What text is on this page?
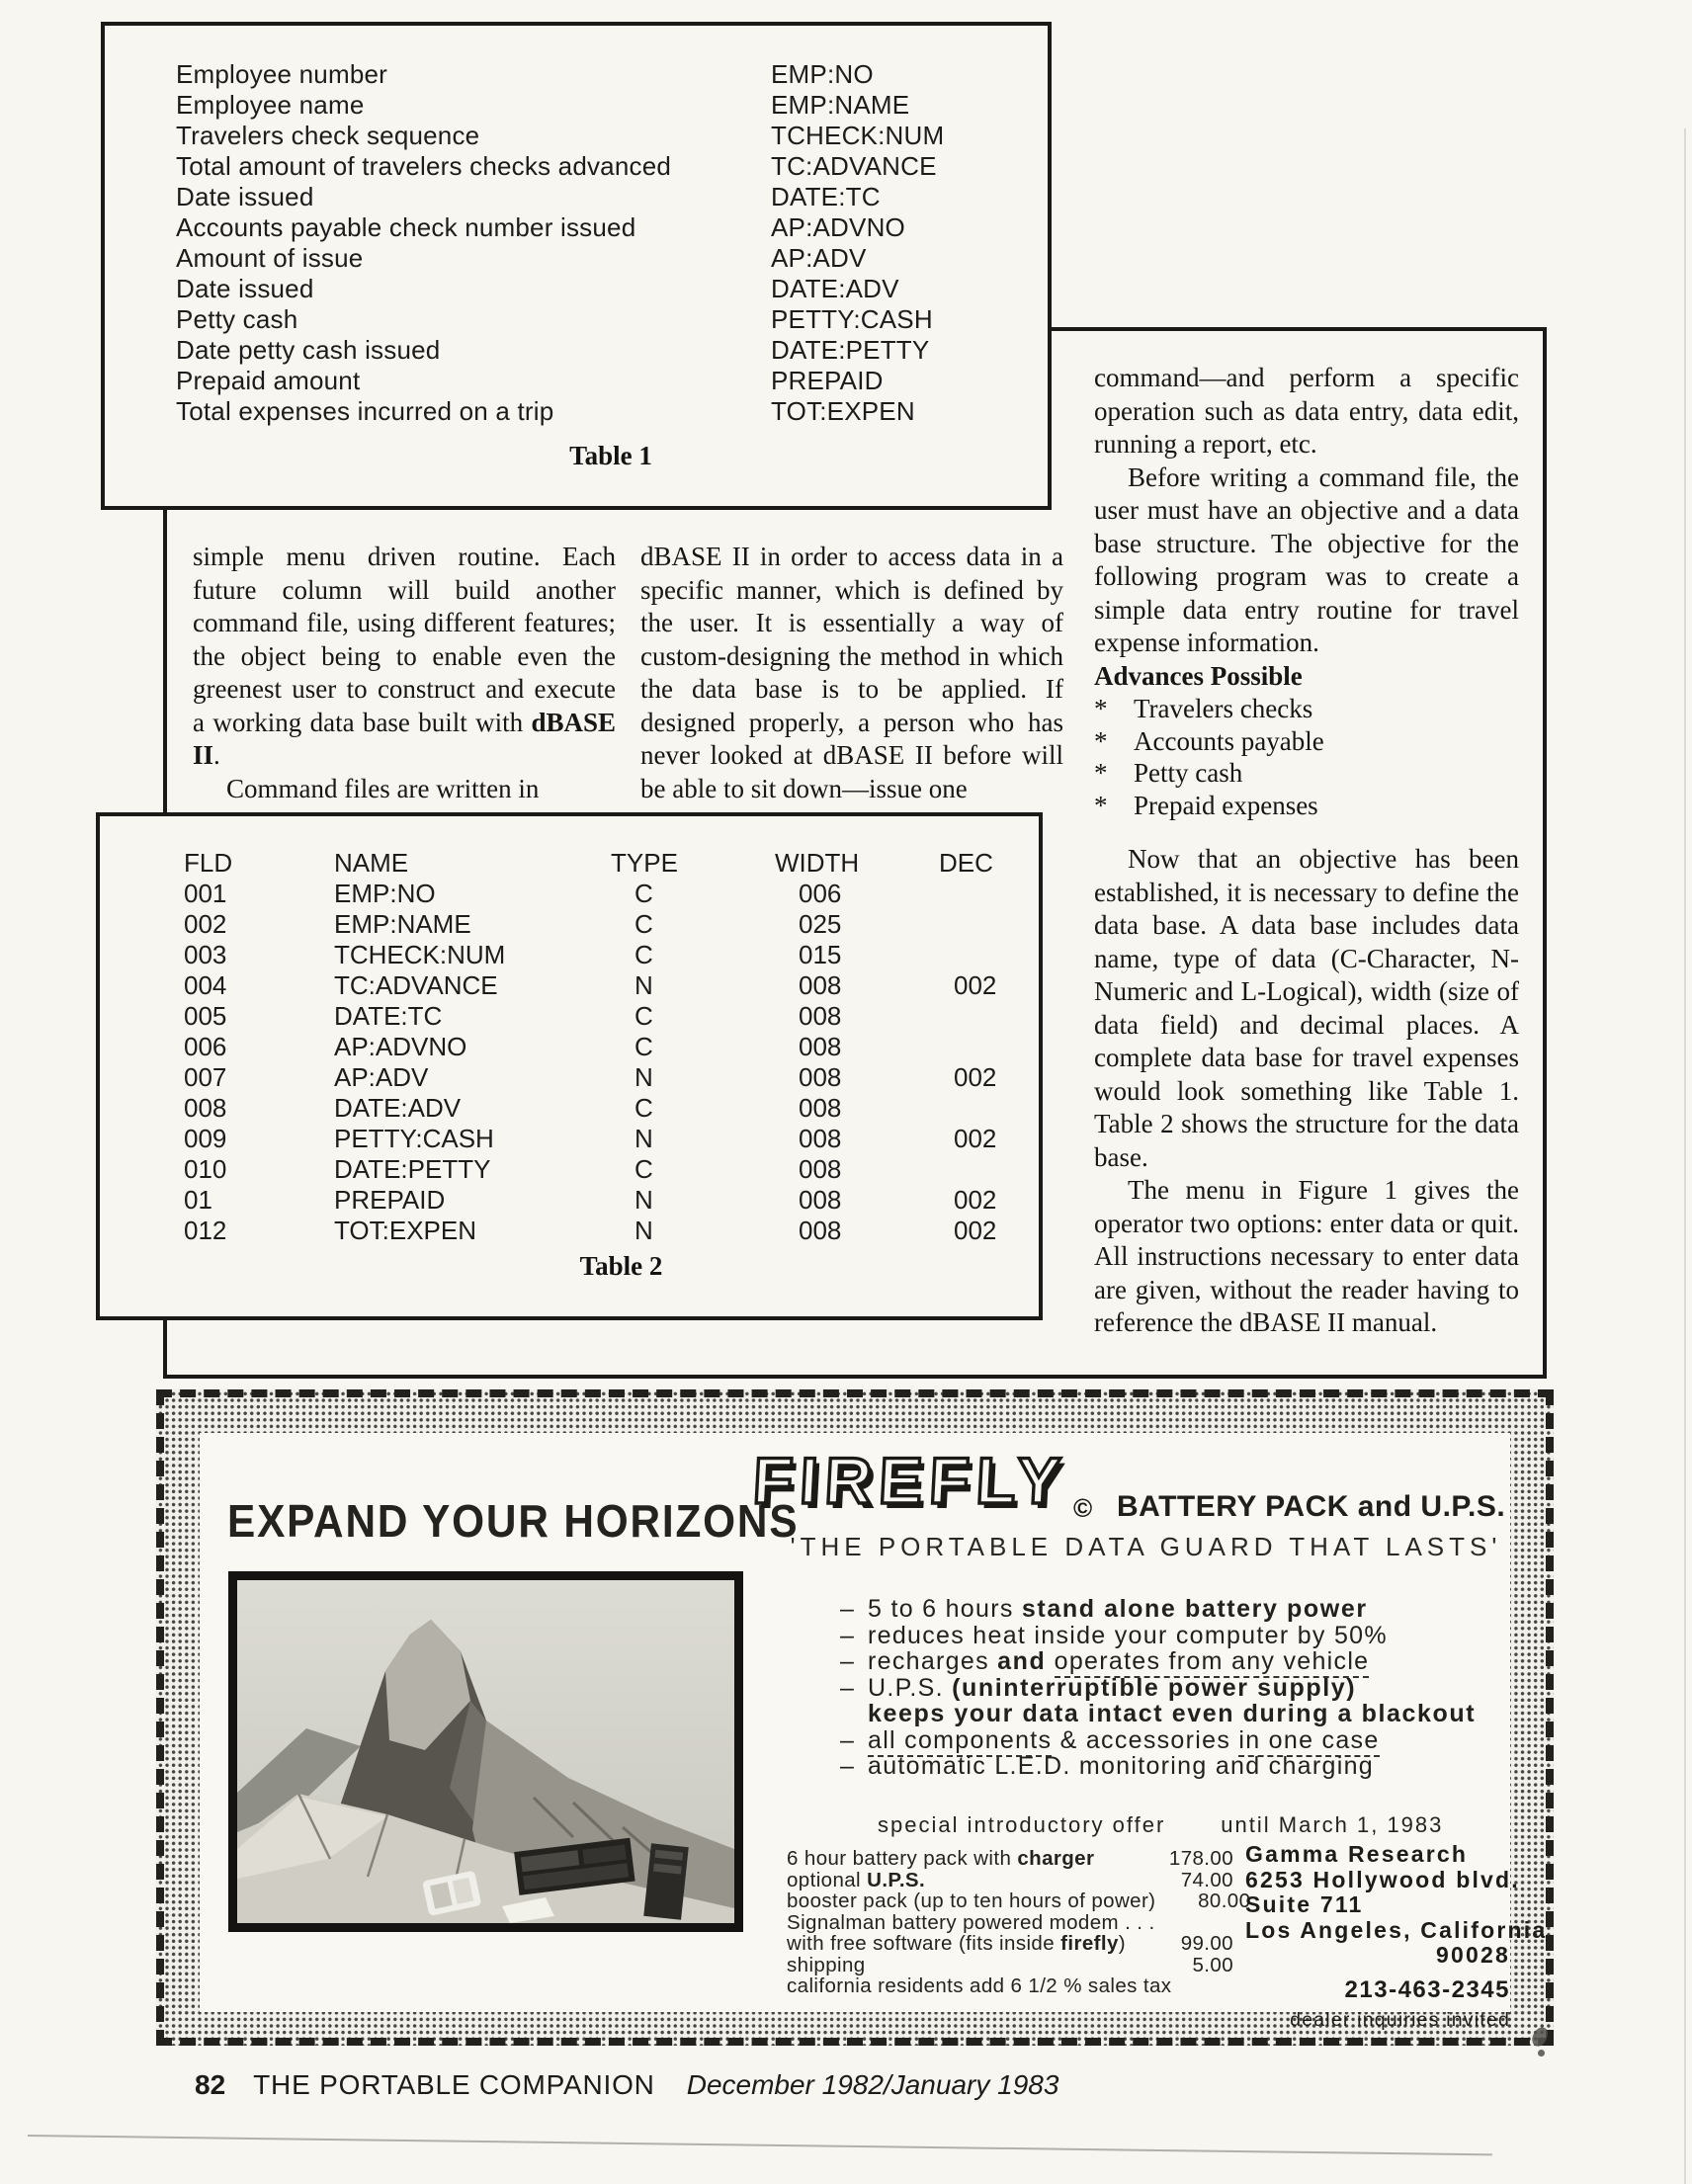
Employee number	EMP:NO
Employee name	EMP:NAME
Travelers check sequence	TCHECK:NUM
Total amount of travelers checks advanced	TC:ADVANCE
Date issued	DATE:TC
Accounts payable check number issued	AP:ADVNO
Amount of issue	AP:ADV
Date issued	DATE:ADV
Petty cash	PETTY:CASH
Date petty cash issued	DATE:PETTY
Prepaid amount	PREPAID
Total expenses incurred on a trip	TOT:EXPEN
Table 1

simple menu driven routine. Each future column will build another command file, using different features; the object being to enable even the greenest user to construct and execute a working data base built with dBASE II.

Command files are written in

dBASE II in order to access data in a specific manner, which is defined by the user. It is essentially a way of custom-designing the method in which the data base is to be applied. If designed properly, a person who has never looked at dBASE II before will be able to sit down—issue one

command—and perform a specific operation such as data entry, data edit, running a report, etc.

Before writing a command file, the user must have an objective and a data base structure. The objective for the following program was to create a simple data entry routine for travel expense information.

Advances Possible

* Travelers checks
* Accounts payable
* Petty cash
* Prepaid expenses

Now that an objective has been established, it is necessary to define the data base. A data base includes data name, type of data (C-Character, N-Numeric and L-Logical), width (size of data field) and decimal places. A complete data base for travel expenses would look something like Table 1. Table 2 shows the structure for the data base.

The menu in Figure 1 gives the operator two options: enter data or quit. All instructions necessary to enter data are given, without the reader having to reference the dBASE II manual.

FLD	NAME	TYPE	WIDTH	DEC
001	EMP:NO	C	006
002	EMP:NAME	C	025
003	TCHECK:NUM	C	015
004	TC:ADVANCE	N	008	002
005	DATE:TC	C	008
006	AP:ADVNO	C	008
007	AP:ADV	N	008	002
008	DATE:ADV	C	008
009	PETTY:CASH	N	008	002
010	DATE:PETTY	C	008
01	PREPAID	N	008	002
012	TOT:EXPEN	N	008	002
Table 2
EXPAND YOUR HORIZONS
FIREFLY © BATTERY PACK and U.P.S.
'THE PORTABLE DATA GUARD THAT LASTS'
– 5 to 6 hours stand alone battery power
– reduces heat inside your computer by 50%
– recharges and operates from any vehicle
– U.P.S. (uninterruptible power supply)
keeps your data intact even during a blackout
– all components & accessories in one case
– automatic L.E.D. monitoring and charging
special introductory offer	until March 1, 1983
6 hour battery pack with charger	178.00
optional U.P.S.	74.00
booster pack (up to ten hours of power)	80.00
Signalman battery powered modem . . .
with free software (fits inside firefly)	99.00
shipping	5.00
california residents add 6 1/2 % sales tax
Gamma Research
6253 Hollywood blvd.
Suite 711
Los Angeles, California
90028
213-463-2345
dealer inquiries invited
82 THE PORTABLE COMPANION December 1982/January 1983
